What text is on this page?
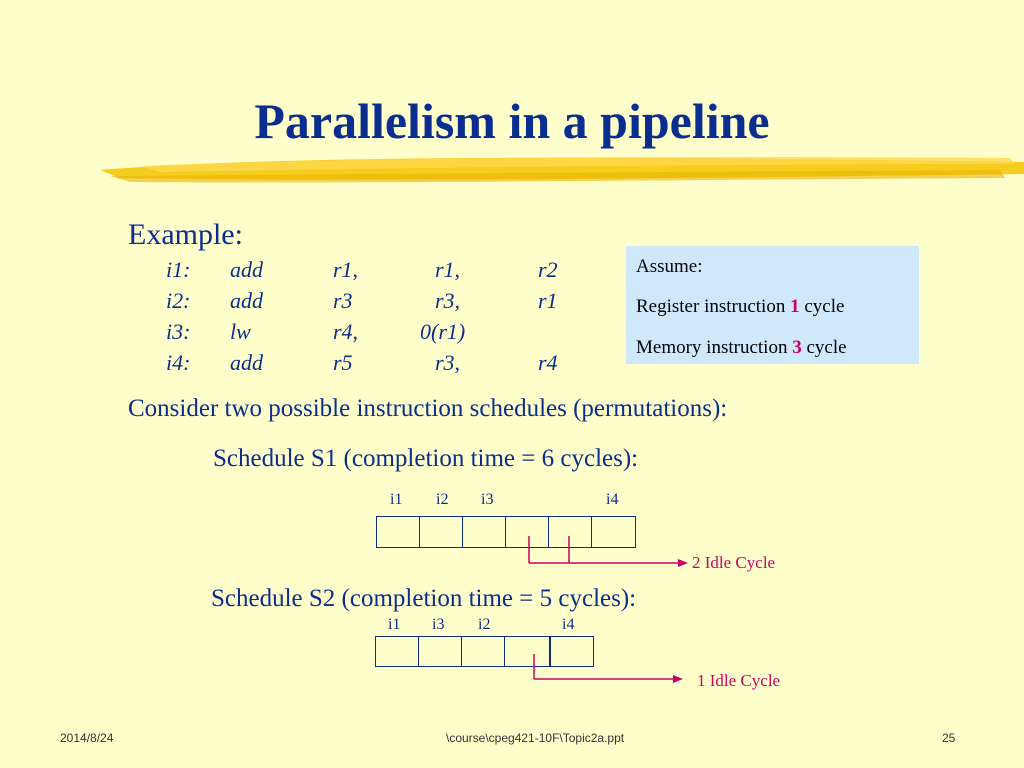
Parallelism in a pipeline
Example:
i1: add	r1,	r1,	r2
i2: add	r3	r3,	r1
i3: lw	r4,	0(r1)
i4: add	r5	r3,	r4
Assume:
Register instruction 1 cycle
Memory instruction 3 cycle
Consider two possible instruction schedules (permutations):
Schedule S1 (completion time = 6 cycles):
i1 i2 i3	i4
2 Idle Cycle
Schedule S2 (completion time = 5 cycles):
i1 i3 i2	i4
1 Idle Cycle
2014/8/24	\course\cpeg421-10F\Topic2a.ppt	25
